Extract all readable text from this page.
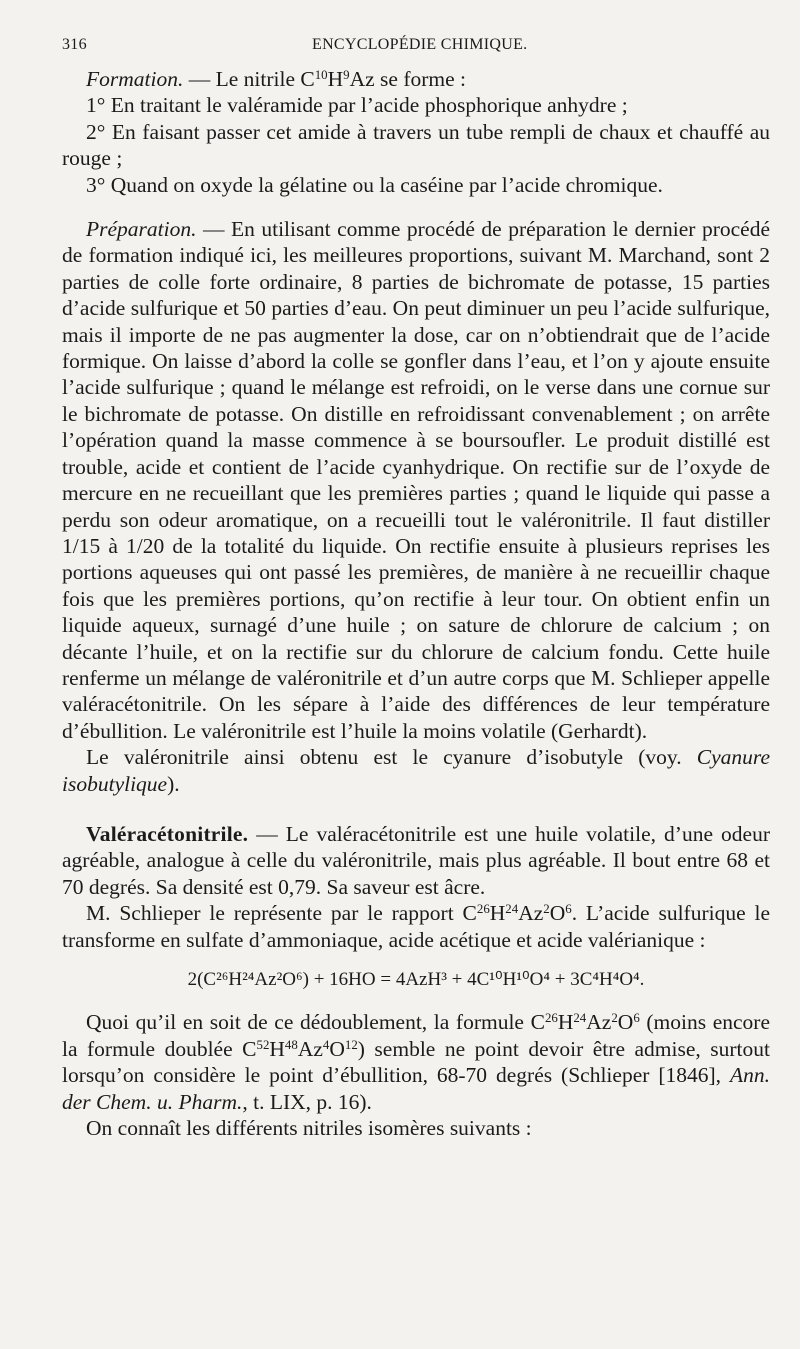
316	ENCYCLOPÉDIE CHIMIQUE.

Formation. — Le nitrile $C^{10}H^9Az$ se forme :

1° En traitant le valéramide par l’acide phosphorique anhydre ;

2° En faisant passer cet amide à travers un tube rempli de chaux et chauffé au rouge ;

3° Quand on oxyde la gélatine ou la caséine par l’acide chromique.

Préparation. — En utilisant comme procédé de préparation le dernier procédé de formation indiqué ici, les meilleures proportions, suivant M. Marchand, sont 2 parties de colle forte ordinaire, 8 parties de bichromate de potasse, 15 parties d’acide sulfurique et 50 parties d’eau. On peut diminuer un peu l’acide sulfurique, mais il importe de ne pas augmenter la dose, car on n’obtiendrait que de l’acide formique. On laisse d’abord la colle se gonfler dans l’eau, et l’on y ajoute ensuite l’acide sulfurique ; quand le mélange est refroidi, on le verse dans une cornue sur le bichromate de potasse. On distille en refroidissant convenablement ; on arrête l’opération quand la masse commence à se boursoufler. Le produit distillé est trouble, acide et contient de l’acide cyanhydrique. On rectifie sur de l’oxyde de mercure en ne recueillant que les premières parties ; quand le liquide qui passe a perdu son odeur aromatique, on a recueilli tout le valéronitrile. Il faut distiller 1/15 à 1/20 de la totalité du liquide. On rectifie ensuite à plusieurs reprises les portions aqueuses qui ont passé les premières, de manière à ne recueillir chaque fois que les premières portions, qu’on rectifie à leur tour. On obtient enfin un liquide aqueux, surnagé d’une huile ; on sature de chlorure de calcium ; on décante l’huile, et on la rectifie sur du chlorure de calcium fondu. Cette huile renferme un mélange de valéronitrile et d’un autre corps que M. Schlieper appelle valéracétonitrile. On les sépare à l’aide des différences de leur température d’ébullition. Le valéronitrile est l’huile la moins volatile (Gerhardt).

Le valéronitrile ainsi obtenu est le cyanure d’isobutyle (voy. Cyanure isobutylique).

Valéracétonitrile. — Le valéracétonitrile est une huile volatile, d’une odeur agréable, analogue à celle du valéronitrile, mais plus agréable. Il bout entre 68 et 70 degrés. Sa densité est 0,79. Sa saveur est âcre.

M. Schlieper le représente par le rapport $C^{26}H^{24}Az^2O^6$. L’acide sulfurique le transforme en sulfate d’ammoniaque, acide acétique et acide valérianique :

2(C²⁶H²⁴Az²O⁶) + 16HO = 4AzH³ + 4C¹⁰H¹⁰O⁴ + 3C⁴H⁴O⁴.

Quoi qu’il en soit de ce dédoublement, la formule $C^{26}H^{24}Az^2O^6$ (moins encore la formule doublée $C^{52}H^{48}Az^4O^{12}$) semble ne point devoir être admise, surtout lorsqu’on considère le point d’ébullition, 68-70 degrés (Schlieper [1846], Ann. der Chem. u. Pharm., t. LIX, p. 16).

On connaît les différents nitriles isomères suivants :
